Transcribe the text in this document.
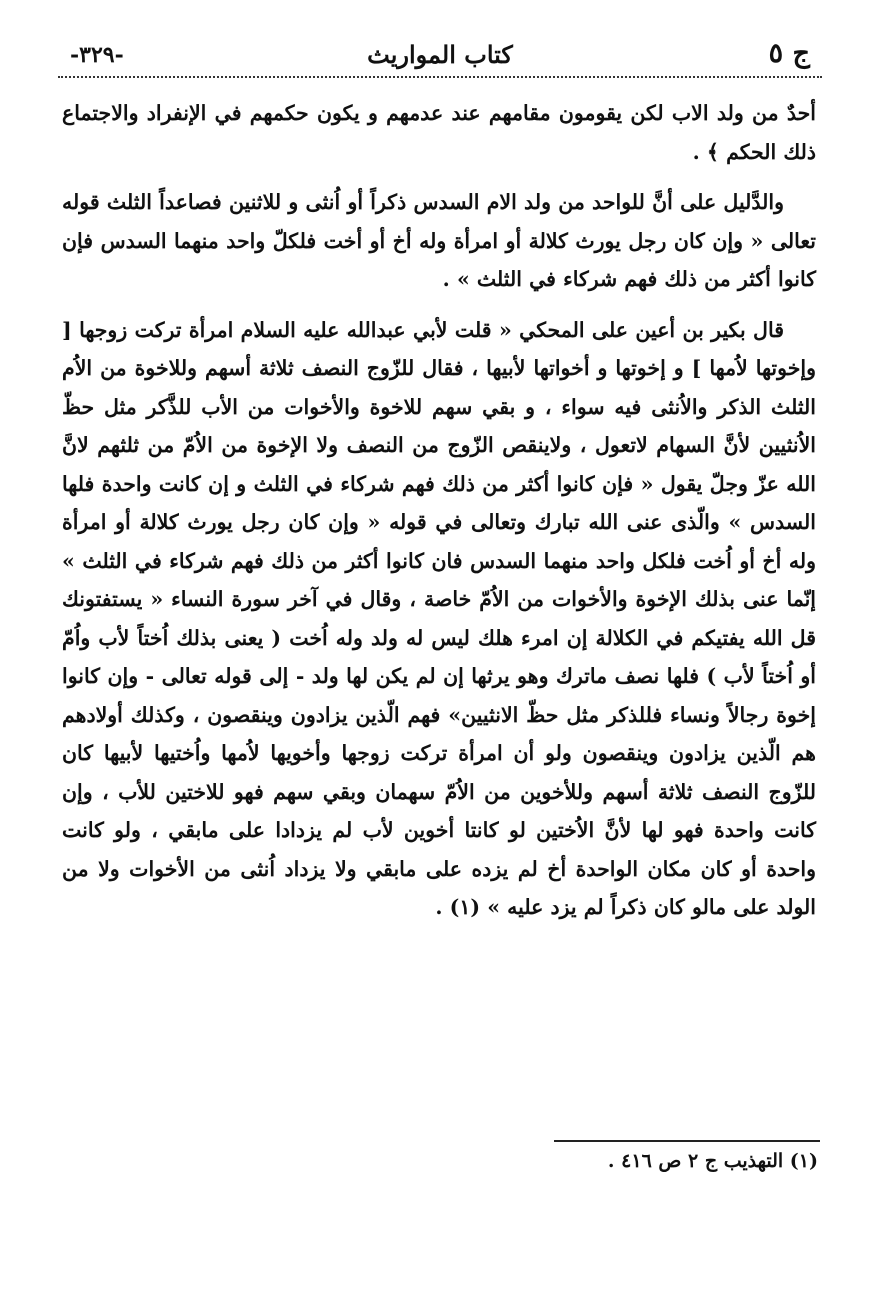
ج ٥
كتاب المواريث
-٣٢٩-

أحدٌ من ولد الاب لكن يقومون مقامهم عند عدمهم و يكون حكمهم في الإنفراد والاجتماع ذلك الحكم ﴾ .

والدَّليل على أنَّ للواحد من ولد الام السدس ذكراً أو اُنثى و للاثنين فصاعداً الثلث قوله تعالى « وإن كان رجل يورث كلالة أو امرأة وله أخ أو أخت فلكلّ واحد منهما السدس فإن كانوا أكثر من ذلك فهم شركاء في الثلث » .

قال بكير بن أعين على المحكي « قلت لأبي عبدالله عليه السلام امرأة تركت زوجها [ وإخوتها لاُمها ] و إخوتها و أخواتها لأبيها ، فقال للزّوج النصف ثلاثة أسهم وللاخوة من الاُم الثلث الذكر والاُنثى فيه سواء ، و بقي سهم للاخوة والأخوات من الأب للذَّكر مثل حظّ الاُنثيين لأنَّ السهام لاتعول ، ولاينقص الزّوج من النصف ولا الإخوة من الاُمّ من ثلثهم لانَّ الله عزّ وجلّ يقول « فإن كانوا أكثر من ذلك فهم شركاء في الثلث و إن كانت واحدة فلها السدس » والّذى عنى الله تبارك وتعالى في قوله « وإن كان رجل يورث كلالة أو امرأة وله أخ أو اُخت فلكل واحد منهما السدس فان كانوا أكثر من ذلك فهم شركاء في الثلث » إنّما عنى بذلك الإخوة والأخوات من الاُمّ خاصة ، وقال في آخر سورة النساء « يستفتونك قل الله يفتيكم في الكلالة إن امرء هلك ليس له ولد وله اُخت ( يعنى بذلك اُختاً لأب واُمّ أو اُختاً لأب ) فلها نصف ماترك وهو يرثها إن لم يكن لها ولد - إلى قوله تعالى - وإن كانوا إخوة رجالاً ونساء فللذكر مثل حظّ الانثيين» فهم الّذين يزادون وينقصون ، وكذلك أولادهم هم الّذين يزادون وينقصون ولو أن امرأة تركت زوجها وأخويها لاُمها واُختيها لأبيها كان للزّوج النصف ثلاثة أسهم وللأخوين من الاُمّ سهمان وبقي سهم فهو للاختين للأب ، وإن كانت واحدة فهو لها لأنَّ الاُختين لو كانتا أخوين لأب لم يزدادا على مابقي ، ولو كانت واحدة أو كان مكان الواحدة أخ لم يزده على مابقي ولا يزداد اُنثى من الأخوات ولا من الولد على مالو كان ذكراً لم يزد عليه » (١) .

(١) التهذيب ج ٢ ص ٤١٦ .
